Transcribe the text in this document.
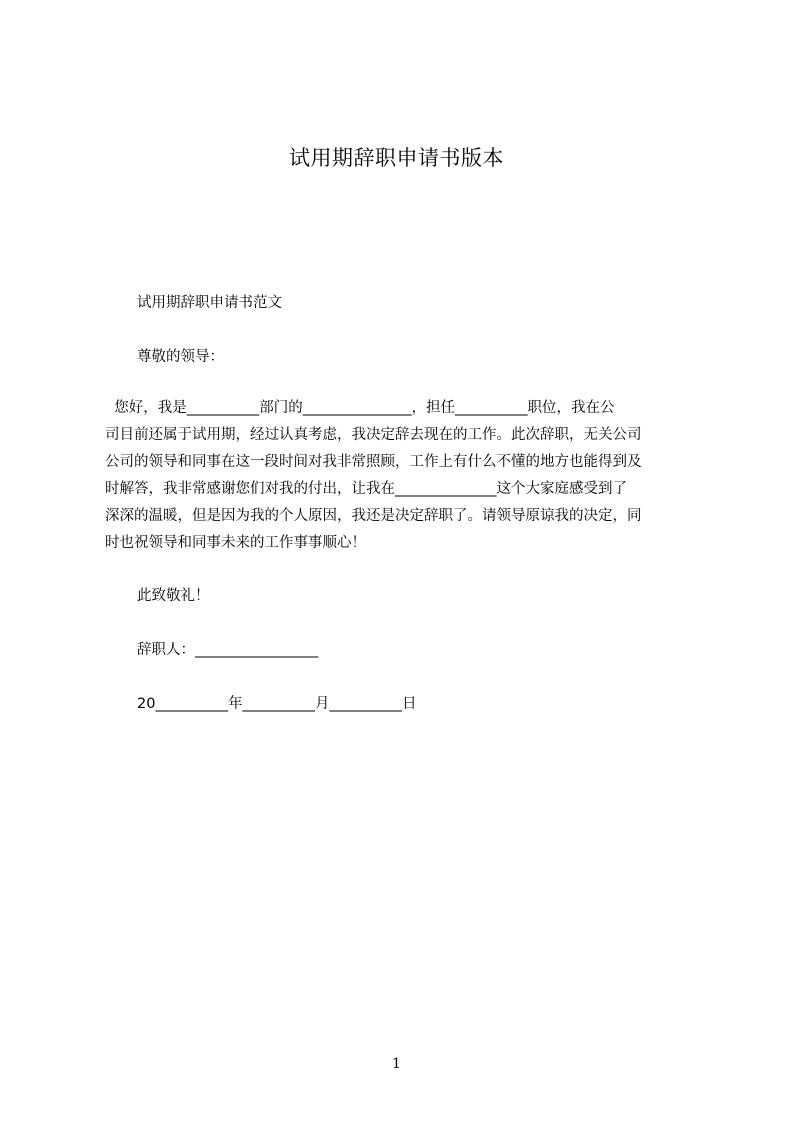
试用期辞职申请书版本
试用期辞职申请书范文
尊敬的领导：
您好，我是__________部门的_______________，担任__________职位，我在公
司目前还属于试用期，经过认真考虑，我决定辞去现在的工作。此次辞职，无关公司
公司的领导和同事在这一段时间对我非常照顾，工作上有什么不懂的地方也能得到及
时解答，我非常感谢您们对我的付出，让我在______________这个大家庭感受到了
深深的温暖，但是因为我的个人原因，我还是决定辞职了。请领导原谅我的决定，同
时也祝领导和同事未来的工作事事顺心！
此致敬礼！
辞职人：_________________
20__________年__________月__________日
1
